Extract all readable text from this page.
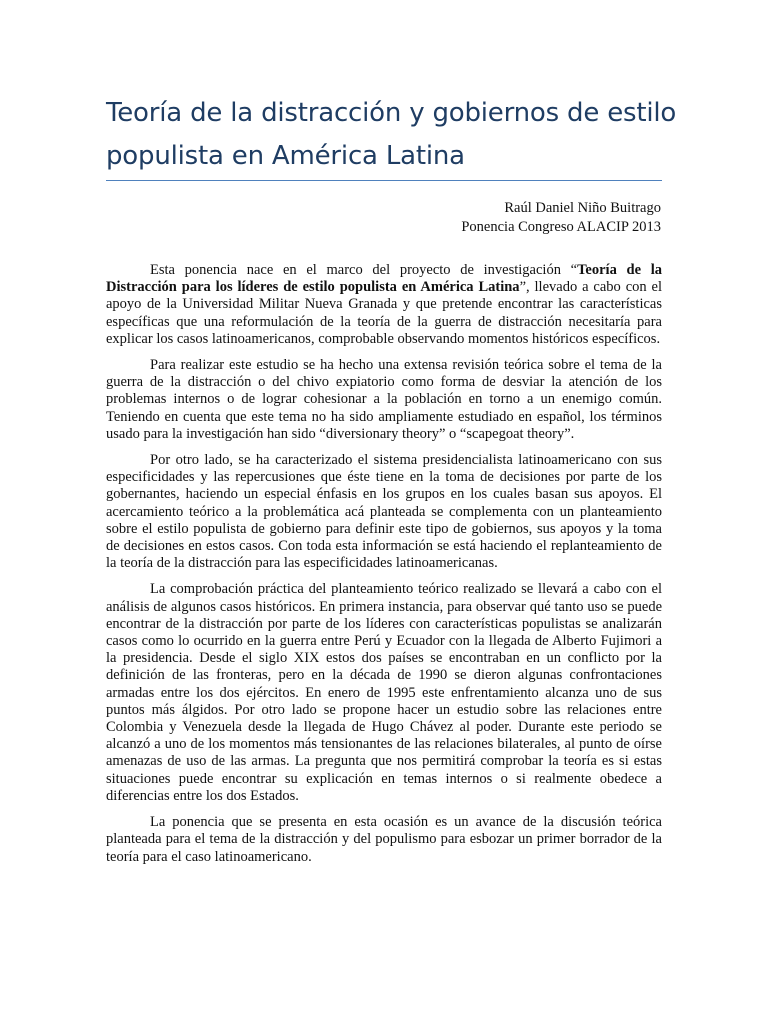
Teoría de la distracción y gobiernos de estilo populista en América Latina
Raúl Daniel Niño Buitrago
Ponencia Congreso ALACIP 2013

Esta ponencia nace en el marco del proyecto de investigación “Teoría de la Distracción para los líderes de estilo populista en América Latina”, llevado a cabo con el apoyo de la Universidad Militar Nueva Granada y que pretende encontrar las características específicas que una reformulación de la teoría de la guerra de distracción necesitaría para explicar los casos latinoamericanos, comprobable observando momentos históricos específicos.

Para realizar este estudio se ha hecho una extensa revisión teórica sobre el tema de la guerra de la distracción o del chivo expiatorio como forma de desviar la atención de los problemas internos o de lograr cohesionar a la población en torno a un enemigo común. Teniendo en cuenta que este tema no ha sido ampliamente estudiado en español, los términos usado para la investigación han sido “diversionary theory” o “scapegoat theory”.

Por otro lado, se ha caracterizado el sistema presidencialista latinoamericano con sus especificidades y las repercusiones que éste tiene en la toma de decisiones por parte de los gobernantes, haciendo un especial énfasis en los grupos en los cuales basan sus apoyos. El acercamiento teórico a la problemática acá planteada se complementa con un planteamiento sobre el estilo populista de gobierno para definir este tipo de gobiernos, sus apoyos y la toma de decisiones en estos casos. Con toda esta información se está haciendo el replanteamiento de la teoría de la distracción para las especificidades latinoamericanas.

La comprobación práctica del planteamiento teórico realizado se llevará a cabo con el análisis de algunos casos históricos. En primera instancia, para observar qué tanto uso se puede encontrar de la distracción por parte de los líderes con características populistas se analizarán casos como lo ocurrido en la guerra entre Perú y Ecuador con la llegada de Alberto Fujimori a la presidencia. Desde el siglo XIX estos dos países se encontraban en un conflicto por la definición de las fronteras, pero en la década de 1990 se dieron algunas confrontaciones armadas entre los dos ejércitos. En enero de 1995 este enfrentamiento alcanza uno de sus puntos más álgidos. Por otro lado se propone hacer un estudio sobre las relaciones entre Colombia y Venezuela desde la llegada de Hugo Chávez al poder. Durante este periodo se alcanzó a uno de los momentos más tensionantes de las relaciones bilaterales, al punto de oírse amenazas de uso de las armas. La pregunta que nos permitirá comprobar la teoría es si estas situaciones puede encontrar su explicación en temas internos o si realmente obedece a diferencias entre los dos Estados.

La ponencia que se presenta en esta ocasión es un avance de la discusión teórica planteada para el tema de la distracción y del populismo para esbozar un primer borrador de la teoría para el caso latinoamericano.
